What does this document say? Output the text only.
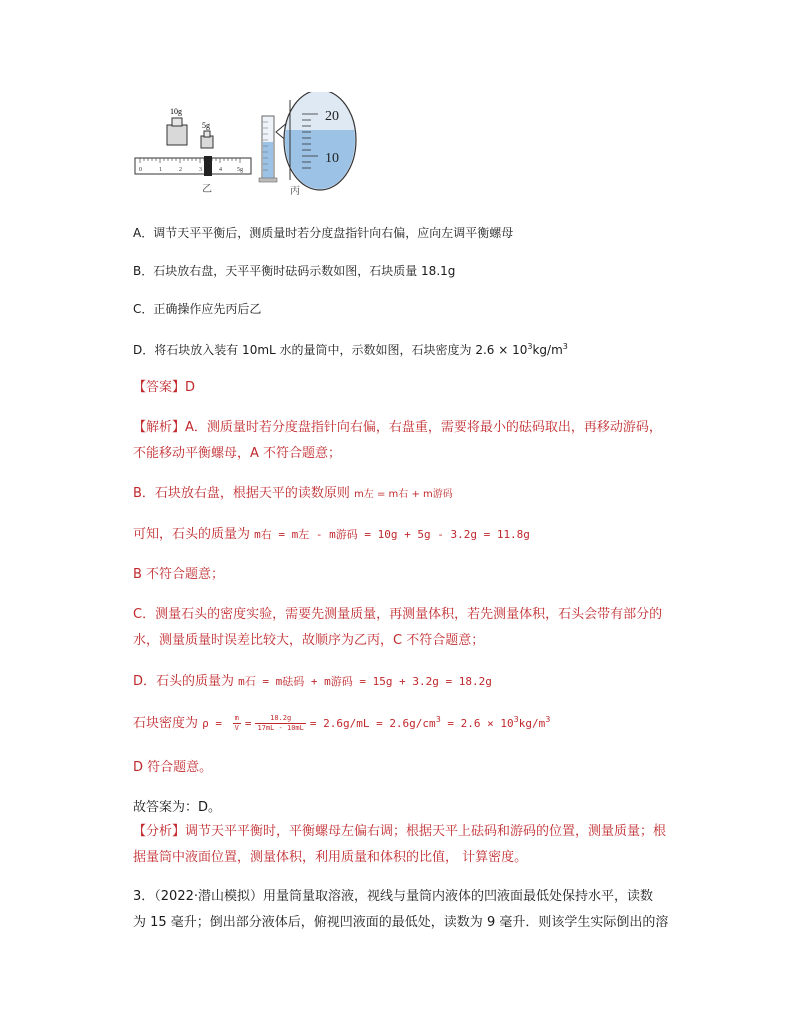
10g
5g
0	1	2	3	4	5g
乙
20
10
丙
A．调节天平平衡后，测质量时若分度盘指针向右偏，应向左调平衡螺母
B．石块放右盘，天平平衡时砝码示数如图，石块质量 18.1g
C．正确操作应先丙后乙
D．将石块放入装有 10mL 水的量筒中，示数如图，石块密度为 $2.6 \times 10^3kg/m^3$
【答案】D
【解析】A．测质量时若分度盘指针向右偏，右盘重，需要将最小的砝码取出，再移动游码，
不能移动平衡螺母，A 不符合题意；
B．石块放右盘，根据天平的读数原则 m左 = m右 + m游码
可知，石头的质量为 m右 = m左 - m游码 = 10g + 5g - 3.2g = 11.8g
B 不符合题意；
C．测量石头的密度实验，需要先测量质量，再测量体积，若先测量体积，石头会带有部分的
水，测量质量时误差比较大，故顺序为乙丙，C 不符合题意；
D．石头的质量为 m石 = m砝码 + m游码 = 15g + 3.2g = 18.2g
石块密度为 $\rho = \frac{m}{V} = \frac{18.2g}{17mL - 10mL} = 2.6g/mL = 2.6g/cm^3 = 2.6 \times 10^3kg/m^3$
D 符合题意。
故答案为：D。
【分析】调节天平平衡时，平衡螺母左偏右调；根据天平上砝码和游码的位置，测量质量；根
据量筒中液面位置，测量体积，利用质量和体积的比值， 计算密度。
3．（2022·潜山模拟）用量筒量取溶液，视线与量筒内液体的凹液面最低处保持水平，读数
为 15 毫升；倒出部分液体后，俯视凹液面的最低处，读数为 9 毫升．则该学生实际倒出的溶
